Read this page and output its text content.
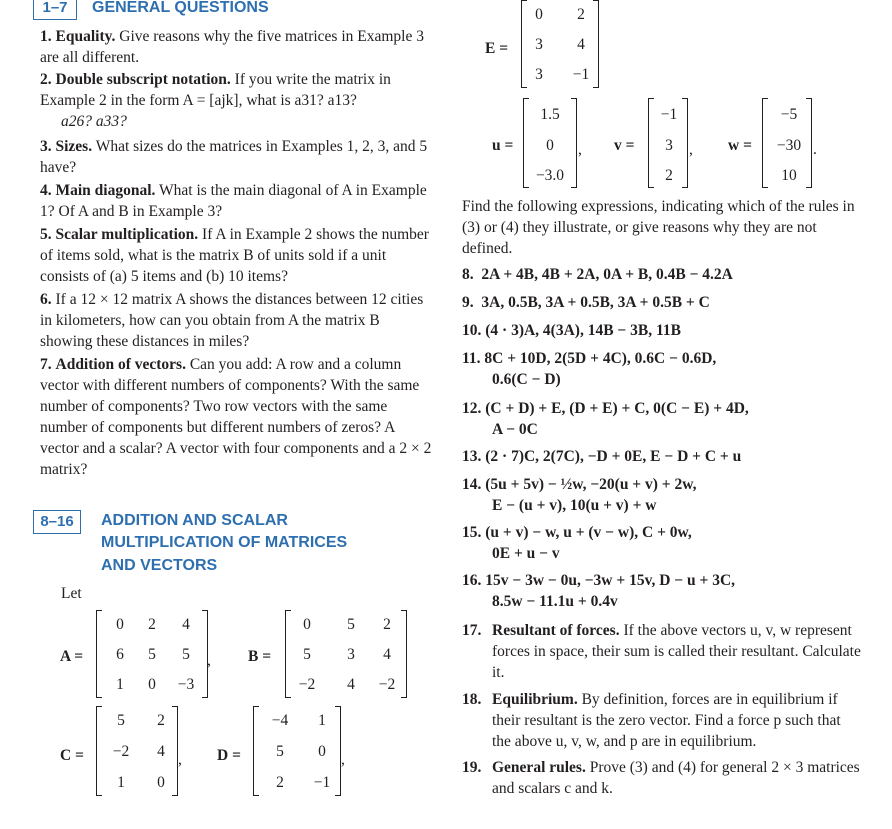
1–7	GENERAL QUESTIONS
1. Equality. Give reasons why the five matrices in Example 3 are all different.
2. Double subscript notation. If you write the matrix in Example 2 in the form A = [ajk], what is a31? a13?
a26? a33?
3. Sizes. What sizes do the matrices in Examples 1, 2, 3, and 5 have?
4. Main diagonal. What is the main diagonal of A in Example 1? Of A and B in Example 3?
5. Scalar multiplication. If A in Example 2 shows the number of items sold, what is the matrix B of units sold if a unit consists of (a) 5 items and (b) 10 items?
6. If a 12 × 12 matrix A shows the distances between 12 cities in kilometers, how can you obtain from A the matrix B showing these distances in miles?
7. Addition of vectors. Can you add: A row and a column vector with different numbers of components? With the same number of components? Two row vectors with the same number of components but different numbers of zeros? A vector and a scalar? A vector with four components and a 2 × 2 matrix?
8–16	ADDITION AND SCALAR
MULTIPLICATION OF MATRICES
AND VECTORS
Let
A =
0	2	4
6	5	5
1	0	−3
, B =
0	5	2
5	3	4
−2	4	−2
C =
5	2
−2	4
1	0
, D =
−4	1
5	0
2	−1
,
E =
0	2
3	4
3	−1
u =
1.5
0
−3.0
, v =
−1
3
2
, w =
−5
−30
10
.
Find the following expressions, indicating which of the rules in (3) or (4) they illustrate, or give reasons why they are not defined.
8. 2A + 4B, 4B + 2A, 0A + B, 0.4B − 4.2A
9. 3A, 0.5B, 3A + 0.5B, 3A + 0.5B + C
10. (4 · 3)A, 4(3A), 14B − 3B, 11B
11. 8C + 10D, 2(5D + 4C), 0.6C − 0.6D,
0.6(C − D)
12. (C + D) + E, (D + E) + C, 0(C − E) + 4D,
A − 0C
13. (2 · 7)C, 2(7C), −D + 0E, E − D + C + u
14. (5u + 5v) − ½w, −20(u + v) + 2w,
E − (u + v), 10(u + v) + w
15. (u + v) − w, u + (v − w), C + 0w,
0E + u − v
16. 15v − 3w − 0u, −3w + 15v, D − u + 3C,
8.5w − 11.1u + 0.4v
17. Resultant of forces. If the above vectors u, v, w represent forces in space, their sum is called their resultant. Calculate it.
18. Equilibrium. By definition, forces are in equilibrium if their resultant is the zero vector. Find a force p such that the above u, v, w, and p are in equilibrium.
19. General rules. Prove (3) and (4) for general 2 × 3 matrices and scalars c and k.
